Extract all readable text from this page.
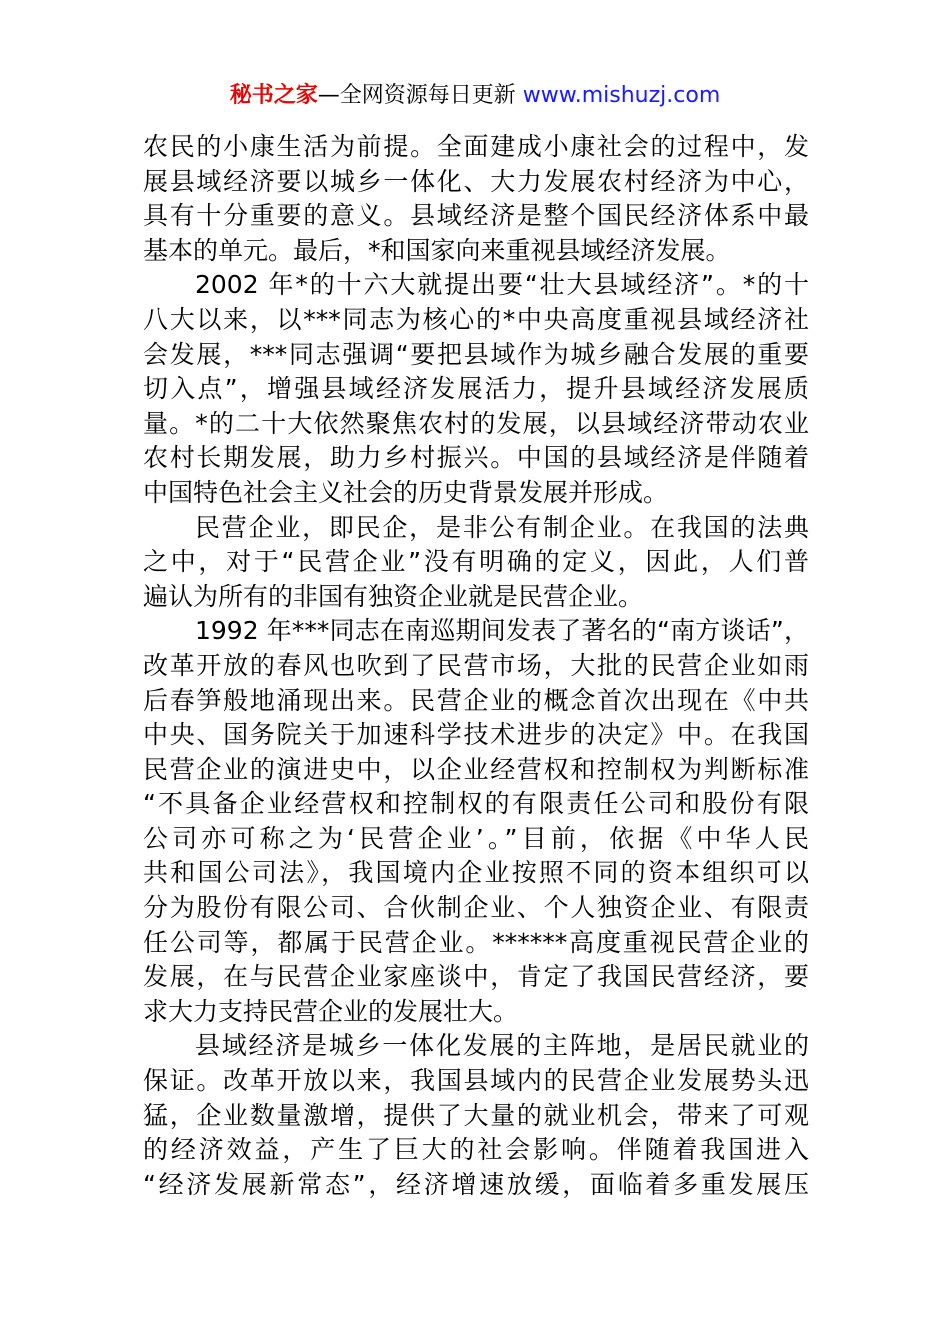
秘书之家—全网资源每日更新 www.mishuzj.com

农民的小康生活为前提。全面建成小康社会的过程中，发
展县域经济要以城乡一体化、大力发展农村经济为中心，
具有十分重要的意义。县域经济是整个国民经济体系中最
基本的单元。最后，*和国家向来重视县域经济发展。

2002 年*的十六大就提出要“壮大县域经济”。*的十
八大以来，以***同志为核心的*中央高度重视县域经济社
会发展，***同志强调“要把县域作为城乡融合发展的重要
切入点”，增强县域经济发展活力，提升县域经济发展质
量。*的二十大依然聚焦农村的发展，以县域经济带动农业
农村长期发展，助力乡村振兴。中国的县域经济是伴随着
中国特色社会主义社会的历史背景发展并形成。

民营企业，即民企，是非公有制企业。在我国的法典
之中，对于“民营企业”没有明确的定义，因此，人们普
遍认为所有的非国有独资企业就是民营企业。

1992 年***同志在南巡期间发表了著名的“南方谈话”，
改革开放的春风也吹到了民营市场，大批的民营企业如雨
后春笋般地涌现出来。民营企业的概念首次出现在《中共
中央、国务院关于加速科学技术进步的决定》中。在我国
民营企业的演进史中，以企业经营权和控制权为判断标准
“不具备企业经营权和控制权的有限责任公司和股份有限
公司亦可称之为‘民营企业’。”目前，依据《中华人民
共和国公司法》，我国境内企业按照不同的资本组织可以
分为股份有限公司、合伙制企业、个人独资企业、有限责
任公司等，都属于民营企业。******高度重视民营企业的
发展，在与民营企业家座谈中，肯定了我国民营经济，要
求大力支持民营企业的发展壮大。

县域经济是城乡一体化发展的主阵地，是居民就业的
保证。改革开放以来，我国县域内的民营企业发展势头迅
猛，企业数量激增，提供了大量的就业机会，带来了可观
的经济效益，产生了巨大的社会影响。伴随着我国进入
“经济发展新常态”，经济增速放缓，面临着多重发展压
